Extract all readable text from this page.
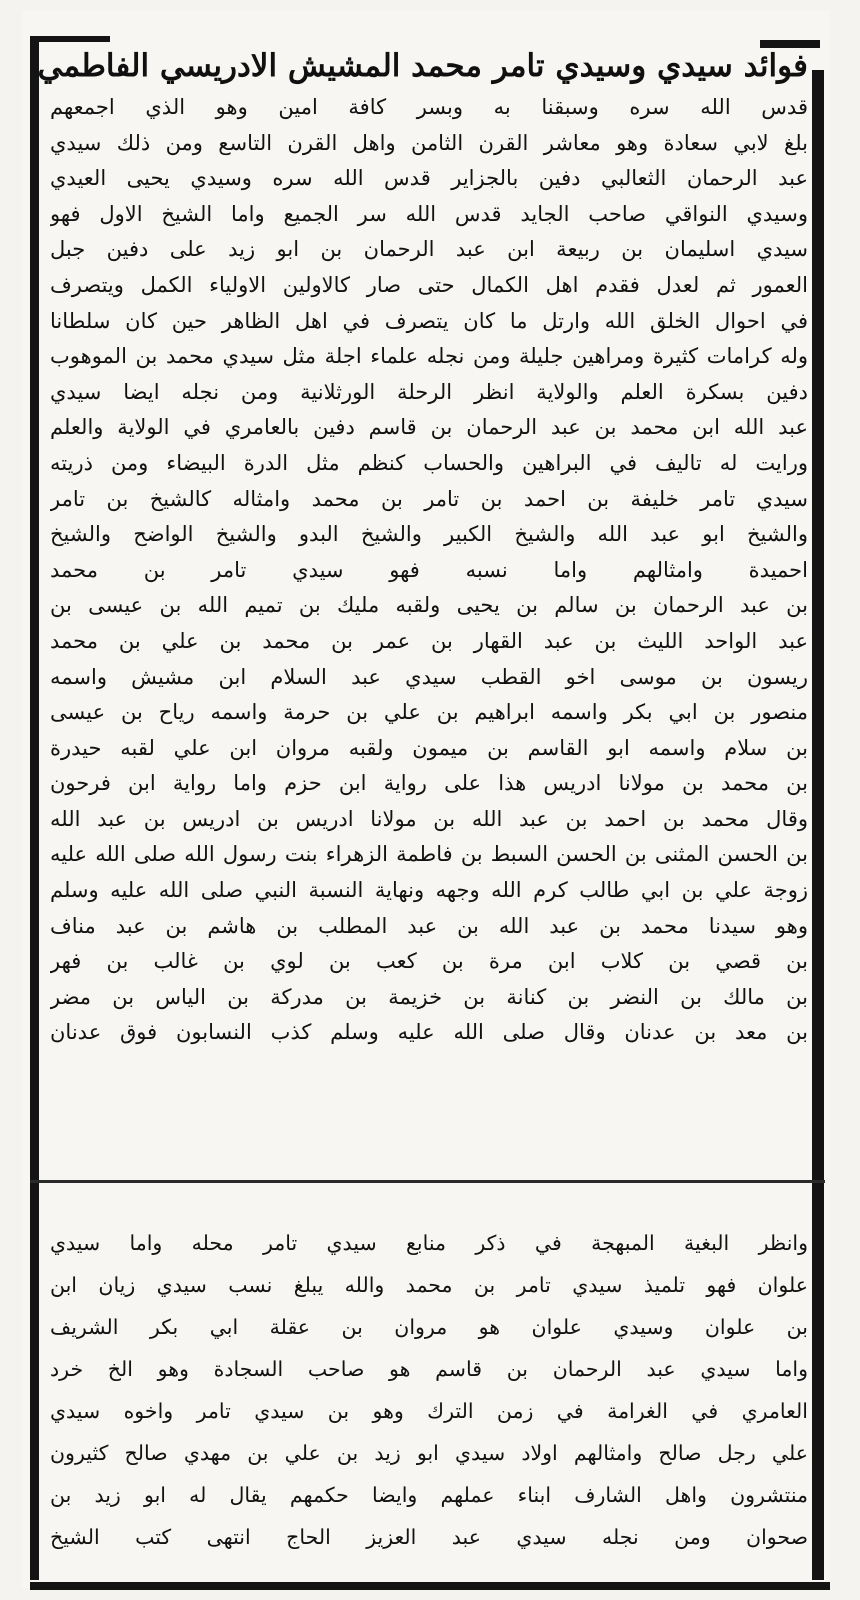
فوائد سيدي وسيدي تامر محمد المشيش الادريسي الفاطمي
قدس الله سره وسبقنا به وبسر كافة امين وهو الذي اجمعهم
بلغ لابي سعادة وهو معاشر القرن الثامن واهل القرن التاسع ومن ذلك سيدي
عبد الرحمان الثعالبي دفين بالجزاير قدس الله سره وسيدي يحيى العيدي
وسيدي النواقي صاحب الجايد قدس الله سر الجميع واما الشيخ الاول فهو
سيدي اسليمان بن ربيعة ابن عبد الرحمان بن ابو زيد على دفين جبل
العمور ثم لعدل فقدم اهل الكمال حتى صار كالاولين الاولياء الكمل ويتصرف
في احوال الخلق الله وارتل ما كان يتصرف في اهل الظاهر حين كان سلطانا
وله كرامات كثيرة ومراهين جليلة ومن نجله علماء اجلة مثل سيدي محمد بن الموهوب
دفين بسكرة العلم والولاية انظر الرحلة الورثلانية ومن نجله ايضا سيدي
عبد الله ابن محمد بن عبد الرحمان بن قاسم دفين بالعامري في الولاية والعلم
ورايت له تاليف في البراهين والحساب كنظم مثل الدرة البيضاء ومن ذريته
سيدي تامر خليفة بن احمد بن تامر بن محمد وامثاله كالشيخ بن تامر
والشيخ ابو عبد الله والشيخ الكبير والشيخ البدو والشيخ الواضح والشيخ
احميدة وامثالهم واما نسبه فهو سيدي تامر بن محمد
بن عبد الرحمان بن سالم بن يحيى ولقبه مليك بن تميم الله بن عيسى بن
عبد الواحد الليث بن عبد القهار بن عمر بن محمد بن علي بن محمد
ريسون بن موسى اخو القطب سيدي عبد السلام ابن مشيش واسمه
منصور بن ابي بكر واسمه ابراهيم بن علي بن حرمة واسمه رياح بن عيسى
بن سلام واسمه ابو القاسم بن ميمون ولقبه مروان ابن علي لقبه حيدرة
بن محمد بن مولانا ادريس هذا على رواية ابن حزم واما رواية ابن فرحون
وقال محمد بن احمد بن عبد الله بن مولانا ادريس بن ادريس بن عبد الله
بن الحسن المثنى بن الحسن السبط بن فاطمة الزهراء بنت رسول الله صلى الله عليه
زوجة علي بن ابي طالب كرم الله وجهه ونهاية النسبة النبي صلى الله عليه وسلم
وهو سيدنا محمد بن عبد الله بن عبد المطلب بن هاشم بن عبد مناف
بن قصي بن كلاب ابن مرة بن كعب بن لوي بن غالب بن فهر
بن مالك بن النضر بن كنانة بن خزيمة بن مدركة بن الياس بن مضر
بن معد بن عدنان وقال صلى الله عليه وسلم كذب النسابون فوق عدنان
وانظر البغية المبهجة في ذكر منابع سيدي تامر محله واما سيدي
علوان فهو تلميذ سيدي تامر بن محمد والله يبلغ نسب سيدي زيان ابن
بن علوان وسيدي علوان هو مروان بن عقلة ابي بكر الشريف
واما سيدي عبد الرحمان بن قاسم هو صاحب السجادة وهو الخ خرد
العامري في الغرامة في زمن الترك وهو بن سيدي تامر واخوه سيدي
علي رجل صالح وامثالهم اولاد سيدي ابو زيد بن علي بن مهدي صالح كثيرون
منتشرون واهل الشارف ابناء عملهم وايضا حكمهم يقال له ابو زيد بن
صحوان ومن نجله سيدي عبد العزيز الحاج انتهى كتب الشيخ
